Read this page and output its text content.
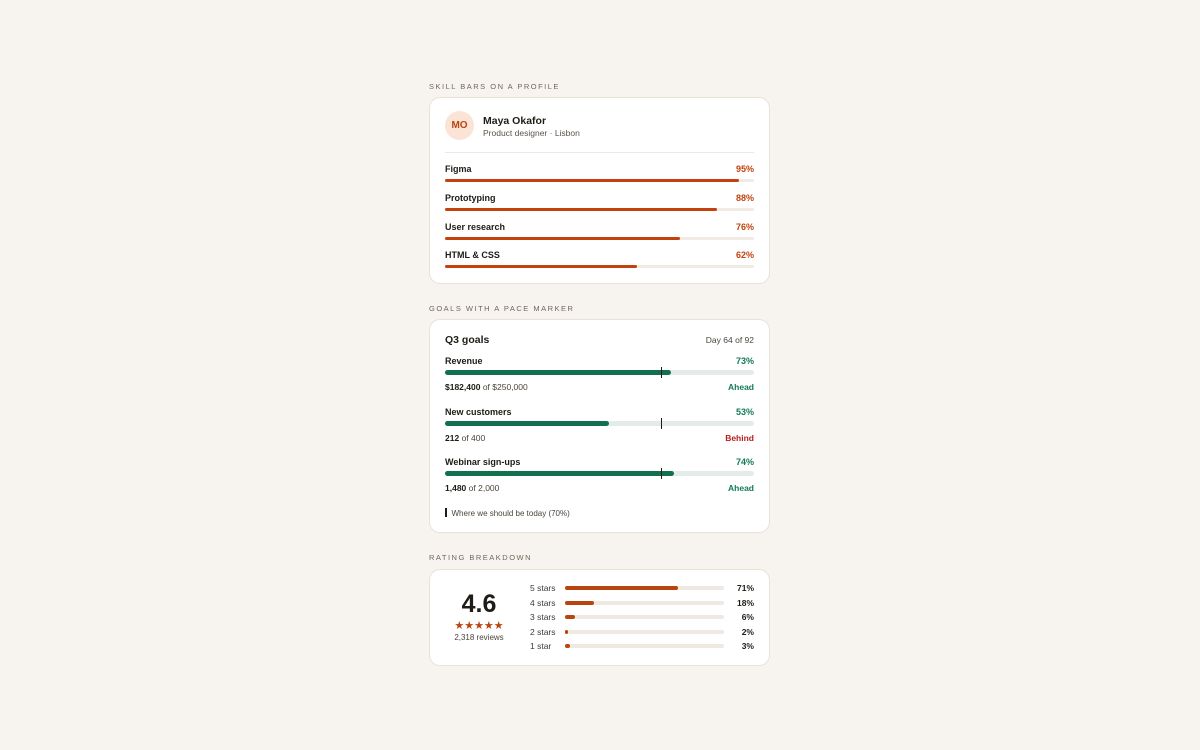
SKILL BARS ON A PROFILE
MO	Maya Okafor
Product designer · Lisbon
Figma	95%
Prototyping	88%
User research	76%
HTML & CSS	62%
GOALS WITH A PACE MARKER
Q3 goals	Day 64 of 92
Revenue	73%
$182,400 of $250,000	Ahead
New customers	53%
212 of 400	Behind
Webinar sign-ups	74%
1,480 of 2,000	Ahead
Where we should be today (70%)
RATING BREAKDOWN
4.6
★★★★★
2,318 reviews
5 stars	71%
4 stars	18%
3 stars	6%
2 stars	2%
1 star	3%
